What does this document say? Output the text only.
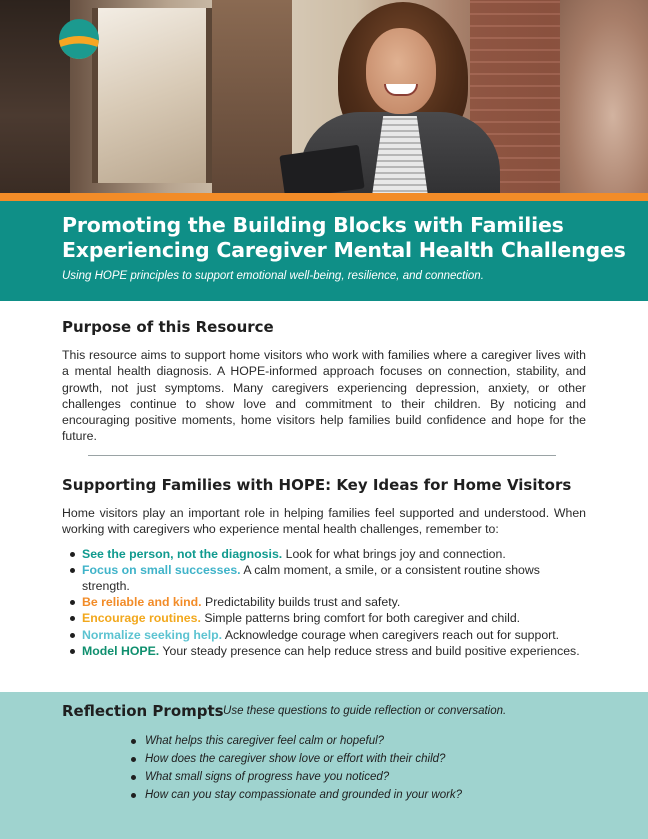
Promoting the Building Blocks with Families
Experiencing Caregiver Mental Health Challenges
Using HOPE principles to support emotional well-being, resilience, and connection.
Purpose of this Resource

This resource aims to support home visitors who work with families where a caregiver lives with a mental health diagnosis. A HOPE-informed approach focuses on connection, stability, and growth, not just symptoms. Many caregivers experiencing depression, anxiety, or other challenges continue to show love and commitment to their children. By noticing and encouraging positive moments, home visitors help families build confidence and hope for the future.

Supporting Families with HOPE: Key Ideas for Home Visitors

Home visitors play an important role in helping families feel supported and understood. When working with caregivers who experience mental health challenges, remember to:

See the person, not the diagnosis. Look for what brings joy and connection.
Focus on small successes. A calm moment, a smile, or a consistent routine shows strength.
Be reliable and kind. Predictability builds trust and safety.
Encourage routines. Simple patterns bring comfort for both caregiver and child.
Normalize seeking help. Acknowledge courage when caregivers reach out for support.
Model HOPE. Your steady presence can help reduce stress and build positive experiences.
Reflection Prompts
- Use these questions to guide reflection or conversation.
What helps this caregiver feel calm or hopeful?
How does the caregiver show love or effort with their child?
What small signs of progress have you noticed?
How can you stay compassionate and grounded in your work?
